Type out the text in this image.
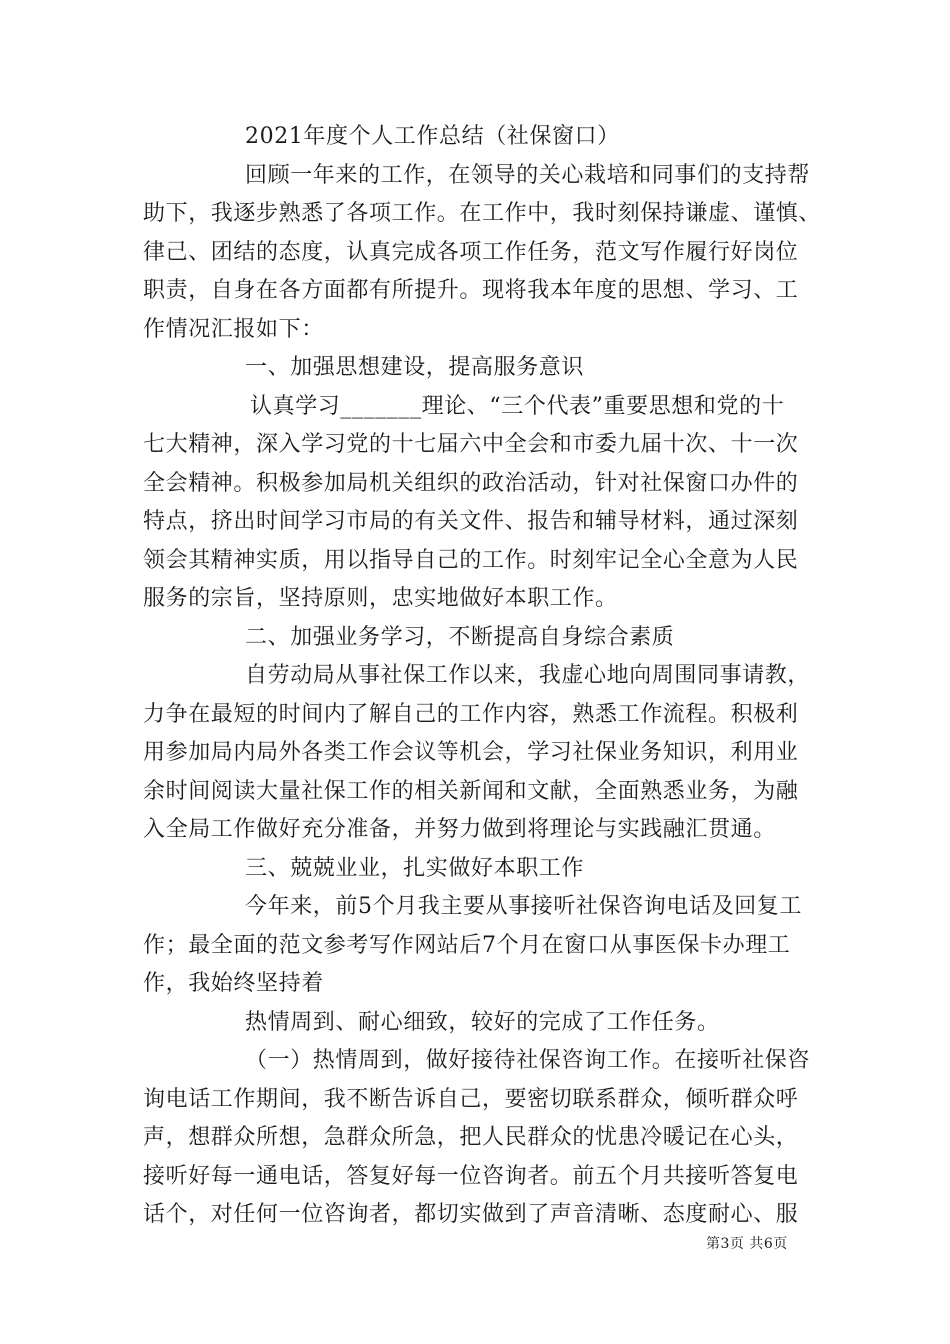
2021年度个人工作总结（社保窗口）
回顾一年来的工作，在领导的关心栽培和同事们的支持帮
助下，我逐步熟悉了各项工作。在工作中，我时刻保持谦虚、谨慎、
律己、团结的态度，认真完成各项工作任务，范文写作履行好岗位
职责，自身在各方面都有所提升。现将我本年度的思想、学习、工
作情况汇报如下：
一、加强思想建设，提高服务意识
认真学习_______理论、“三个代表”重要思想和党的十
七大精神，深入学习党的十七届六中全会和市委九届十次、十一次
全会精神。积极参加局机关组织的政治活动，针对社保窗口办件的
特点，挤出时间学习市局的有关文件、报告和辅导材料，通过深刻
领会其精神实质，用以指导自己的工作。时刻牢记全心全意为人民
服务的宗旨，坚持原则，忠实地做好本职工作。
二、加强业务学习，不断提高自身综合素质
自劳动局从事社保工作以来，我虚心地向周围同事请教，
力争在最短的时间内了解自己的工作内容，熟悉工作流程。积极利
用参加局内局外各类工作会议等机会，学习社保业务知识，利用业
余时间阅读大量社保工作的相关新闻和文献，全面熟悉业务，为融
入全局工作做好充分准备，并努力做到将理论与实践融汇贯通。
三、兢兢业业，扎实做好本职工作
今年来，前5个月我主要从事接听社保咨询电话及回复工
作；最全面的范文参考写作网站后7个月在窗口从事医保卡办理工
作，我始终坚持着
热情周到、耐心细致，较好的完成了工作任务。
（一）热情周到，做好接待社保咨询工作。在接听社保咨
询电话工作期间，我不断告诉自己，要密切联系群众，倾听群众呼
声，想群众所想，急群众所急，把人民群众的忧患冷暖记在心头，
接听好每一通电话，答复好每一位咨询者。前五个月共接听答复电
话个，对任何一位咨询者，都切实做到了声音清晰、态度耐心、服
第3页 共6页
